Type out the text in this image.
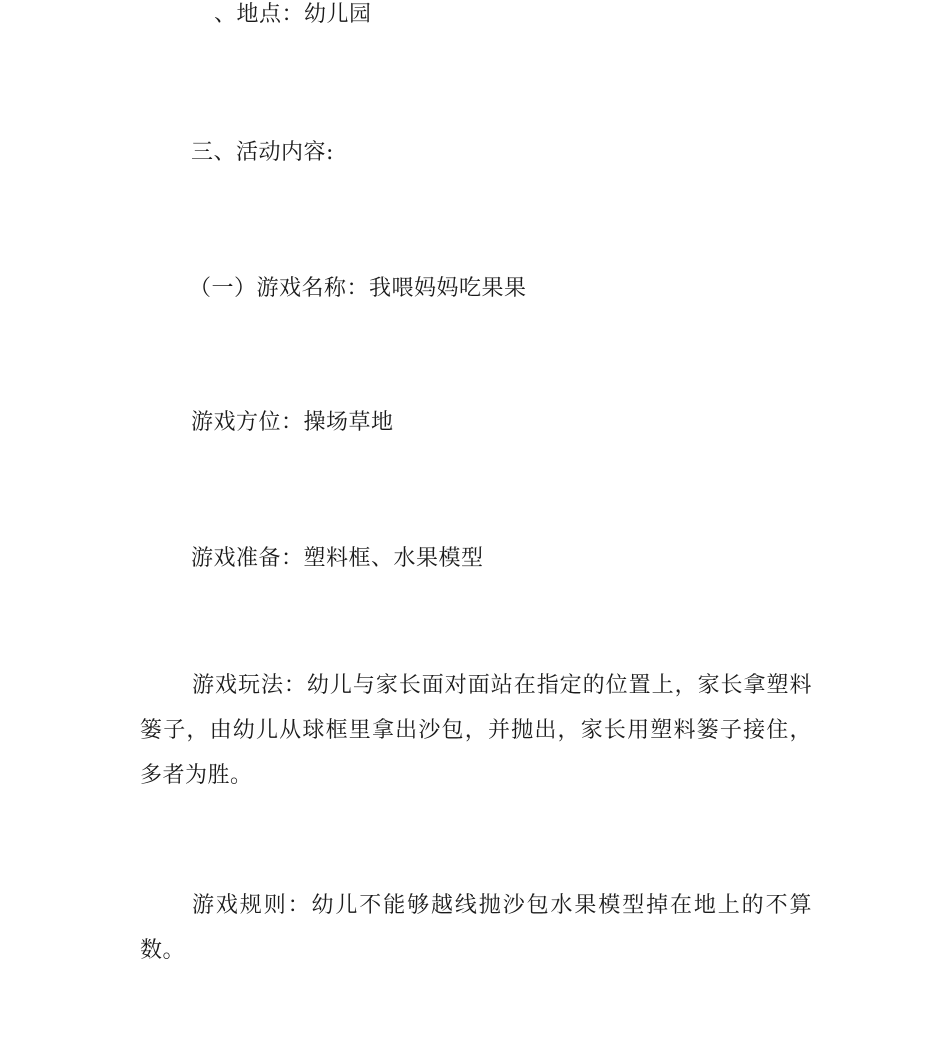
、地点：幼儿园
三、活动内容:
（一）游戏名称：我喂妈妈吃果果
游戏方位：操场草地
游戏准备：塑料框、水果模型
游戏玩法：幼儿与家长面对面站在指定的位置上，家长拿塑料篓子，由幼儿从球框里拿出沙包，并抛出，家长用塑料篓子接住，多者为胜。
游戏规则：幼儿不能够越线抛沙包水果模型掉在地上的不算数。
